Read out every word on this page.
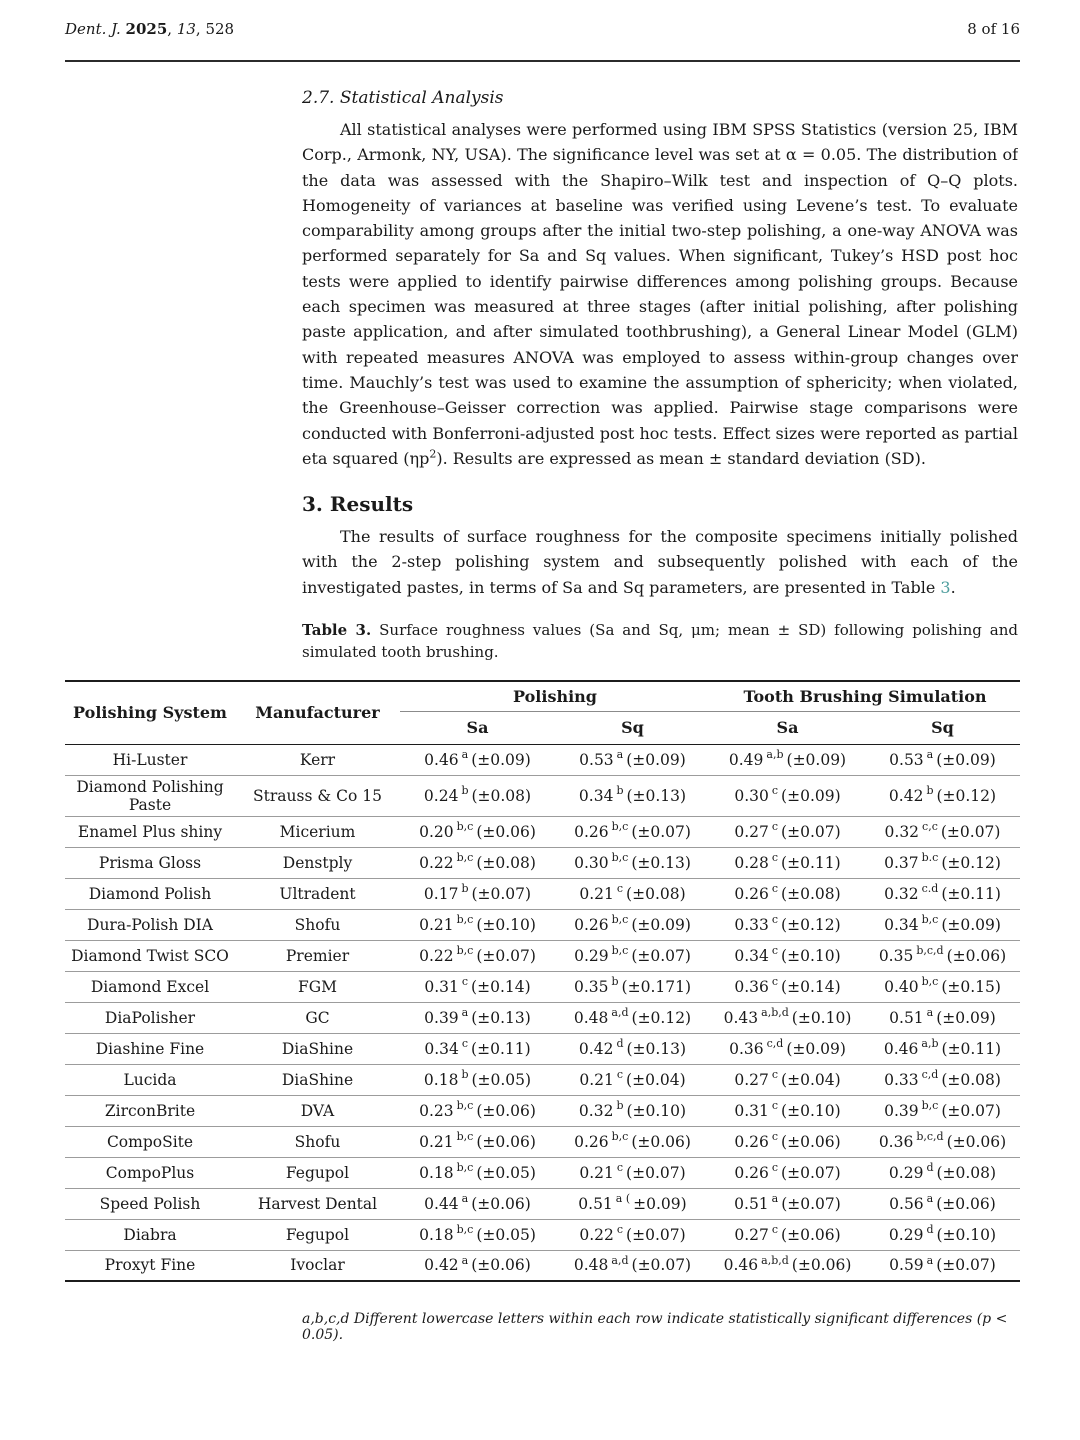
Dent. J. 2025, 13, 528	8 of 16
2.7. Statistical Analysis
All statistical analyses were performed using IBM SPSS Statistics (version 25, IBM Corp., Armonk, NY, USA). The significance level was set at α = 0.05. The distribution of the data was assessed with the Shapiro–Wilk test and inspection of Q–Q plots. Homogeneity of variances at baseline was verified using Levene’s test. To evaluate comparability among groups after the initial two-step polishing, a one-way ANOVA was performed separately for Sa and Sq values. When significant, Tukey’s HSD post hoc tests were applied to identify pairwise differences among polishing groups. Because each specimen was measured at three stages (after initial polishing, after polishing paste application, and after simulated toothbrushing), a General Linear Model (GLM) with repeated measures ANOVA was employed to assess within-group changes over time. Mauchly’s test was used to examine the assumption of sphericity; when violated, the Greenhouse–Geisser correction was applied. Pairwise stage comparisons were conducted with Bonferroni-adjusted post hoc tests. Effect sizes were reported as partial eta squared $(\eta p^2)$. Results are expressed as mean ± standard deviation (SD).
3. Results
The results of surface roughness for the composite specimens initially polished with the 2-step polishing system and subsequently polished with each of the investigated pastes, in terms of Sa and Sq parameters, are presented in Table 3.
Table 3. Surface roughness values (Sa and Sq, μm; mean ± SD) following polishing and simulated tooth brushing.
Polishing System	Manufacturer	Polishing		Tooth Brushing Simulation	
		Sa	Sq	Sa	Sq
Hi-Luster	Kerr	0.46 $^a$ (±0.09)	0.53 $^a$ (±0.09)	0.49 $^{a,b}$ (±0.09)	0.53 $^a$ (±0.09)
Diamond Polishing Paste	Strauss & Co 15	0.24 $^b$ (±0.08)	0.34 $^b$ (±0.13)	0.30 $^c$ (±0.09)	0.42 $^b$ (±0.12)
Enamel Plus shiny	Micerium	0.20 $^{b,c}$ (±0.06)	0.26 $^{b,c}$ (±0.07)	0.27 $^c$ (±0.07)	0.32 $^{c,c}$ (±0.07)
Prisma Gloss	Denstply	0.22 $^{b,c}$ (±0.08)	0.30 $^{b,c}$ (±0.13)	0.28 $^c$ (±0.11)	0.37 $^{b.c}$ (±0.12)
Diamond Polish	Ultradent	0.17 $^b$ (±0.07)	0.21 $^c$ (±0.08)	0.26 $^c$ (±0.08)	0.32 $^{c.d}$ (±0.11)
Dura-Polish DIA	Shofu	0.21 $^{b,c}$ (±0.10)	0.26 $^{b,c}$ (±0.09)	0.33 $^c$ (±0.12)	0.34 $^{b,c}$ (±0.09)
Diamond Twist SCO	Premier	0.22 $^{b,c}$ (±0.07)	0.29 $^{b,c}$ (±0.07)	0.34 $^c$ (±0.10)	0.35 $^{b,c,d}$ (±0.06)
Diamond Excel	FGM	0.31 $^c$ (±0.14)	0.35 $^b$ (±0.171)	0.36 $^c$ (±0.14)	0.40 $^{b,c}$ (±0.15)
DiaPolisher	GC	0.39 $^a$ (±0.13)	0.48 $^{a,d}$ (±0.12)	0.43 $^{a,b,d}$ (±0.10)	0.51 $^a$ (±0.09)
Diashine Fine	DiaShine	0.34 $^c$ (±0.11)	0.42 $^d$ (±0.13)	0.36 $^{c,d}$ (±0.09)	0.46 $^{a,b}$ (±0.11)
Lucida	DiaShine	0.18 $^b$ (±0.05)	0.21 $^c$ (±0.04)	0.27 $^c$ (±0.04)	0.33 $^{c,d}$ (±0.08)
ZirconBrite	DVA	0.23 $^{b,c}$ (±0.06)	0.32 $^b$ (±0.10)	0.31 $^c$ (±0.10)	0.39 $^{b,c}$ (±0.07)
CompoSite	Shofu	0.21 $^{b,c}$ (±0.06)	0.26 $^{b,c}$ (±0.06)	0.26 $^c$ (±0.06)	0.36 $^{b,c,d}$ (±0.06)
CompoPlus	Fegupol	0.18 $^{b,c}$ (±0.05)	0.21 $^c$ (±0.07)	0.26 $^c$ (±0.07)	0.29 $^d$ (±0.08)
Speed Polish	Harvest Dental	0.44 $^a$ (±0.06)	0.51 $^{a (}$ ±0.09)	0.51 $^a$ (±0.07)	0.56 $^a$ (±0.06)
Diabra	Fegupol	0.18 $^{b,c}$ (±0.05)	0.22 $^c$ (±0.07)	0.27 $^c$ (±0.06)	0.29 $^d$ (±0.10)
Proxyt Fine	Ivoclar	0.42 $^a$ (±0.06)	0.48 $^{a,d}$ (±0.07)	0.46 $^{a,b,d}$ (±0.06)	0.59 $^a$ (±0.07)
a,b,c,d Different lowercase letters within each row indicate statistically significant differences (p < 0.05).
